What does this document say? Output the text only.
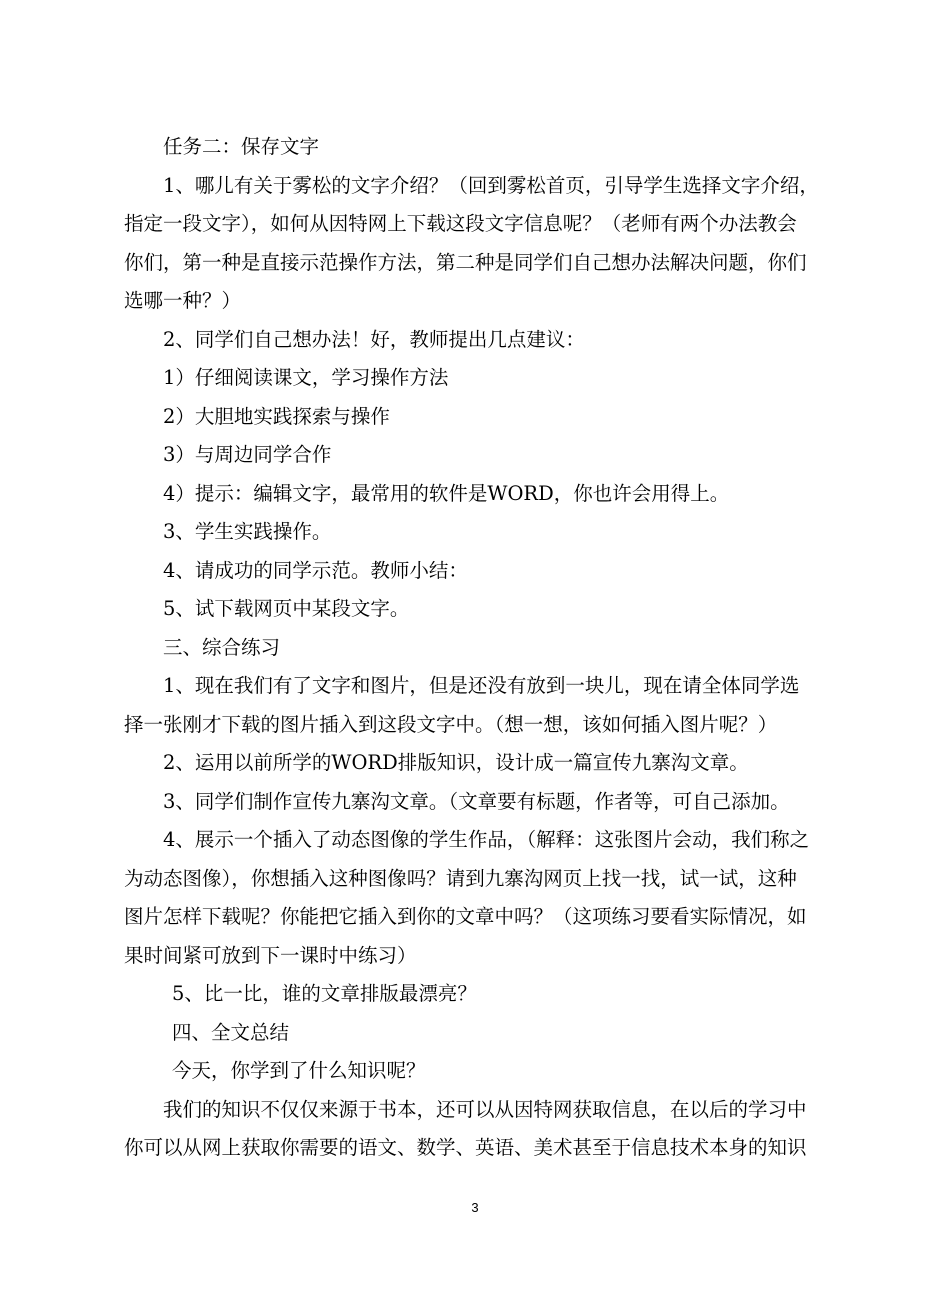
任务二：保存文字

1、哪儿有关于雾松的文字介绍？（回到雾松首页，引导学生选择文字介绍，
指定一段文字），如何从因特网上下载这段文字信息呢？（老师有两个办法教会
你们，第一种是直接示范操作方法，第二种是同学们自己想办法解决问题，你们
选哪一种？）

2、同学们自己想办法！好，教师提出几点建议：

1）仔细阅读课文，学习操作方法

2）大胆地实践探索与操作

3）与周边同学合作

4）提示：编辑文字，最常用的软件是WORD，你也许会用得上。

3、学生实践操作。

4、请成功的同学示范。教师小结：

5、试下载网页中某段文字。

三、综合练习

1、现在我们有了文字和图片，但是还没有放到一块儿，现在请全体同学选
择一张刚才下载的图片插入到这段文字中。（想一想，该如何插入图片呢？）

2、运用以前所学的WORD排版知识，设计成一篇宣传九寨沟文章。

3、同学们制作宣传九寨沟文章。（文章要有标题，作者等，可自己添加。

4、展示一个插入了动态图像的学生作品，（解释：这张图片会动，我们称之
为动态图像），你想插入这种图像吗？请到九寨沟网页上找一找，试一试，这种
图片怎样下载呢？你能把它插入到你的文章中吗？（这项练习要看实际情况，如
果时间紧可放到下一课时中练习）

5、比一比，谁的文章排版最漂亮？

四、全文总结

今天，你学到了什么知识呢？

我们的知识不仅仅来源于书本，还可以从因特网获取信息，在以后的学习中
你可以从网上获取你需要的语文、数学、英语、美术甚至于信息技术本身的知识
3
